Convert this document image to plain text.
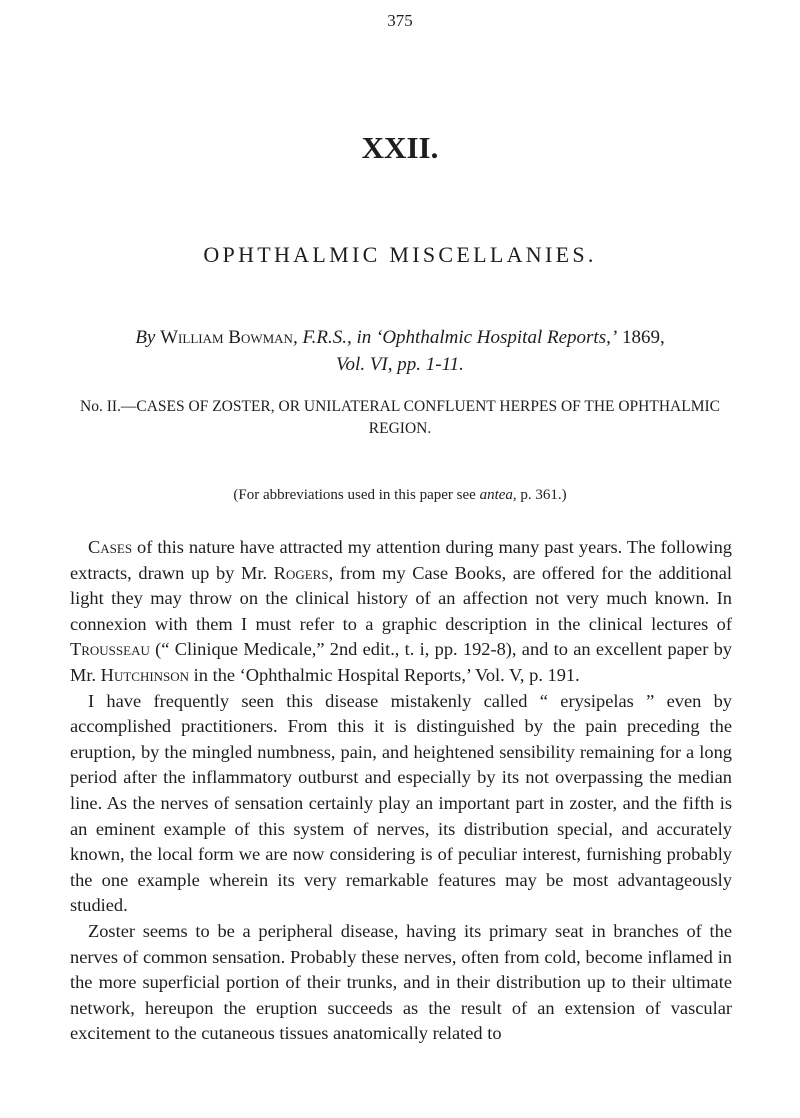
375
XXII.
OPHTHALMIC MISCELLANIES.
By William Bowman, F.R.S., in ‘Ophthalmic Hospital Reports,’ 1869,
Vol. VI, pp. 1-11.
No. II.—CASES OF ZOSTER, OR UNILATERAL CONFLUENT HERPES OF THE OPHTHALMIC REGION.
(For abbreviations used in this paper see antea, p. 361.)

Cases of this nature have attracted my attention during many past years. The following extracts, drawn up by Mr. Rogers, from my Case Books, are offered for the additional light they may throw on the clinical history of an affection not very much known. In connexion with them I must refer to a graphic description in the clinical lectures of Trousseau (“ Clinique Medicale,” 2nd edit., t. i, pp. 192-8), and to an excellent paper by Mr. Hutchinson in the ‘Ophthalmic Hospital Reports,’ Vol. V, p. 191.

I have frequently seen this disease mistakenly called “ erysipelas ” even by accomplished practitioners. From this it is distinguished by the pain preceding the eruption, by the mingled numbness, pain, and heightened sensibility remaining for a long period after the inflammatory outburst and especially by its not overpassing the median line. As the nerves of sensation certainly play an important part in zoster, and the fifth is an eminent example of this system of nerves, its distribution special, and accurately known, the local form we are now considering is of peculiar interest, furnishing probably the one example wherein its very remarkable features may be most advantageously studied.

Zoster seems to be a peripheral disease, having its primary seat in branches of the nerves of common sensation. Probably these nerves, often from cold, become inflamed in the more superficial portion of their trunks, and in their distribution up to their ultimate network, hereupon the eruption succeeds as the result of an extension of vascular excitement to the cutaneous tissues anatomically related to
